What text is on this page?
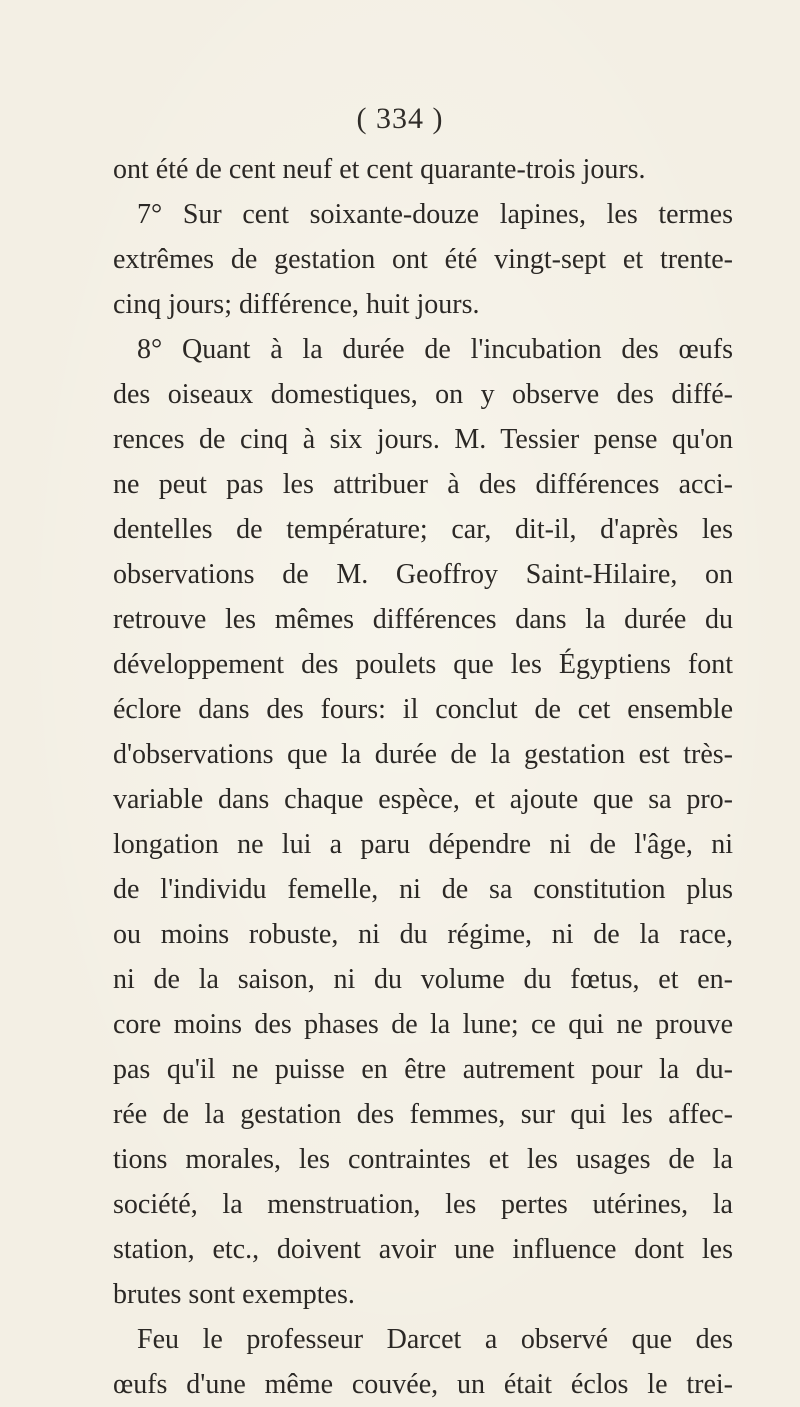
( 334 )
ont été de cent neuf et cent quarante-trois jours.
7° Sur cent soixante-douze lapines, les termes
extrêmes de gestation ont été vingt-sept et trente-
cinq jours; différence, huit jours.
8° Quant à la durée de l'incubation des œufs
des oiseaux domestiques, on y observe des diffé-
rences de cinq à six jours. M. Tessier pense qu'on
ne peut pas les attribuer à des différences acci-
dentelles de température; car, dit-il, d'après les
observations de M. Geoffroy Saint-Hilaire, on
retrouve les mêmes différences dans la durée du
développement des poulets que les Égyptiens font
éclore dans des fours: il conclut de cet ensemble
d'observations que la durée de la gestation est très-
variable dans chaque espèce, et ajoute que sa pro-
longation ne lui a paru dépendre ni de l'âge, ni
de l'individu femelle, ni de sa constitution plus
ou moins robuste, ni du régime, ni de la race,
ni de la saison, ni du volume du fœtus, et en-
core moins des phases de la lune; ce qui ne prouve
pas qu'il ne puisse en être autrement pour la du-
rée de la gestation des femmes, sur qui les affec-
tions morales, les contraintes et les usages de la
société, la menstruation, les pertes utérines, la
station, etc., doivent avoir une influence dont les
brutes sont exemptes.
Feu le professeur Darcet a observé que des
œufs d'une même couvée, un était éclos le trei-
